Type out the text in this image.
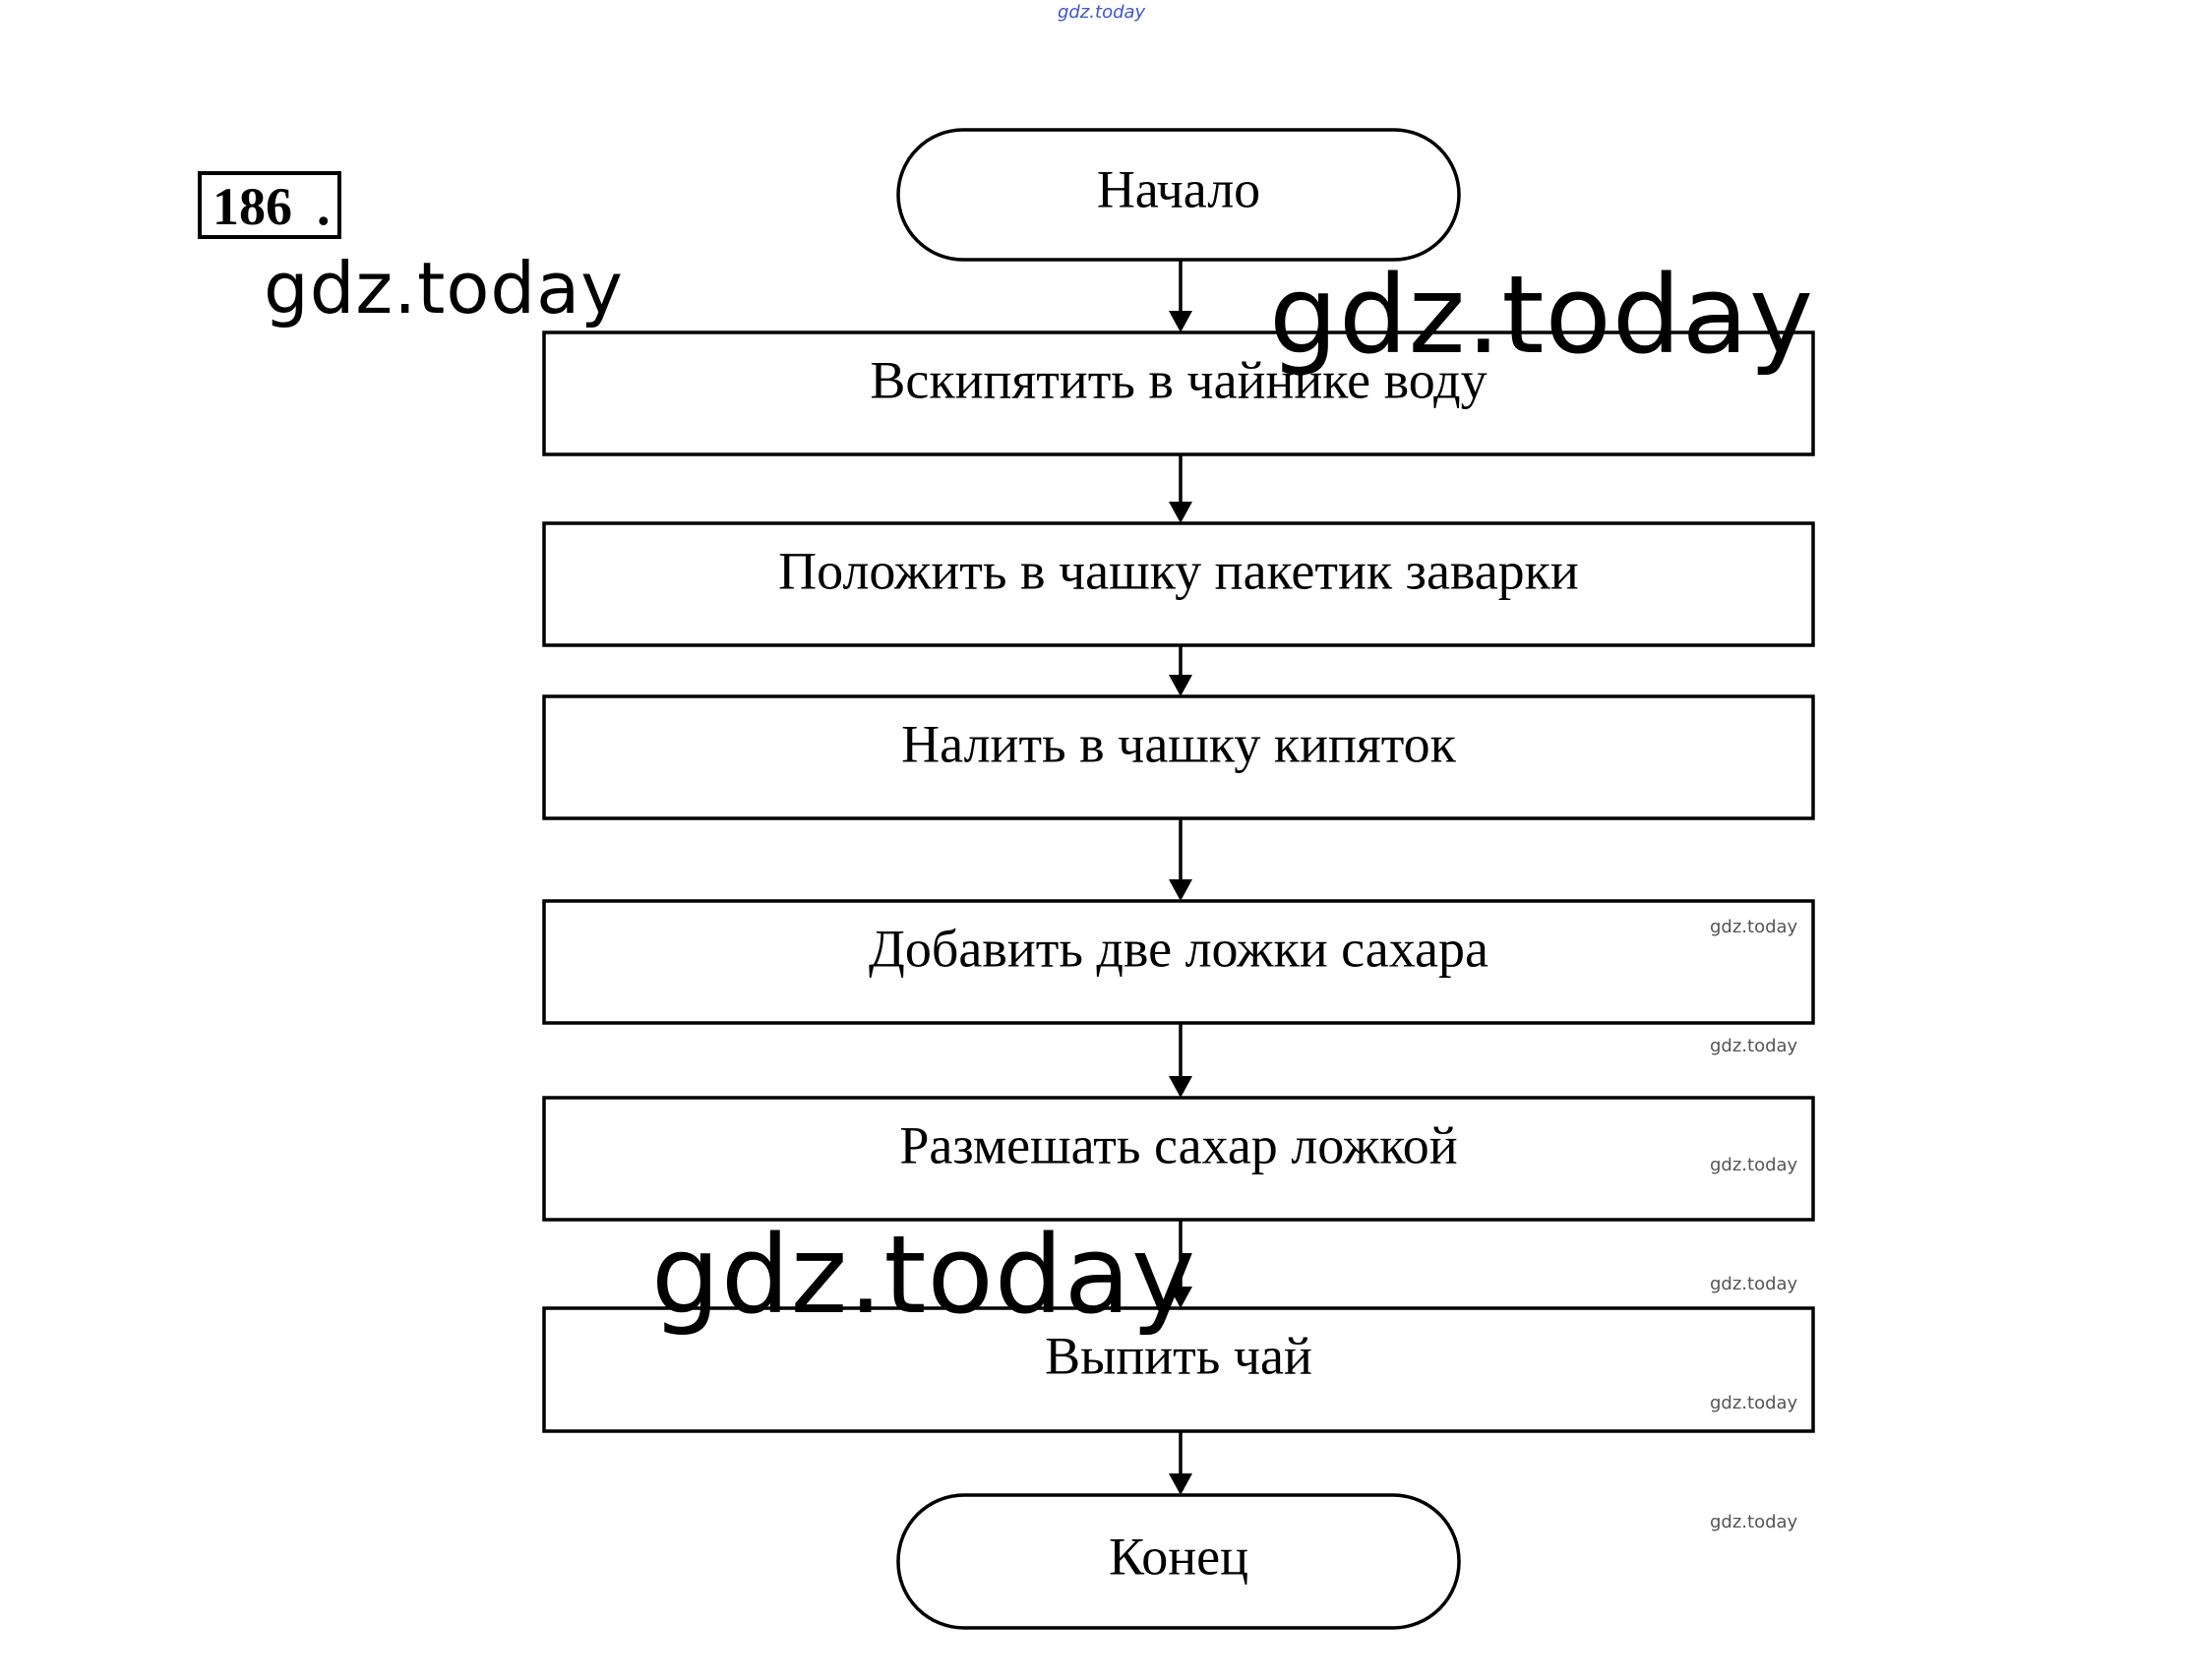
gdz.today
186 .	Начало
Вскипятить в чайнике воду
Положить в чашку пакетик заварки
Налить в чашку кипяток
Добавить две ложки сахара
Размешать сахар ложкой
Выпить чай
Конец
gdz.today	gdz.today
gdz.today
gdz.today
gdz.today
gdz.today
gdz.today
gdz.today
gdz.today
